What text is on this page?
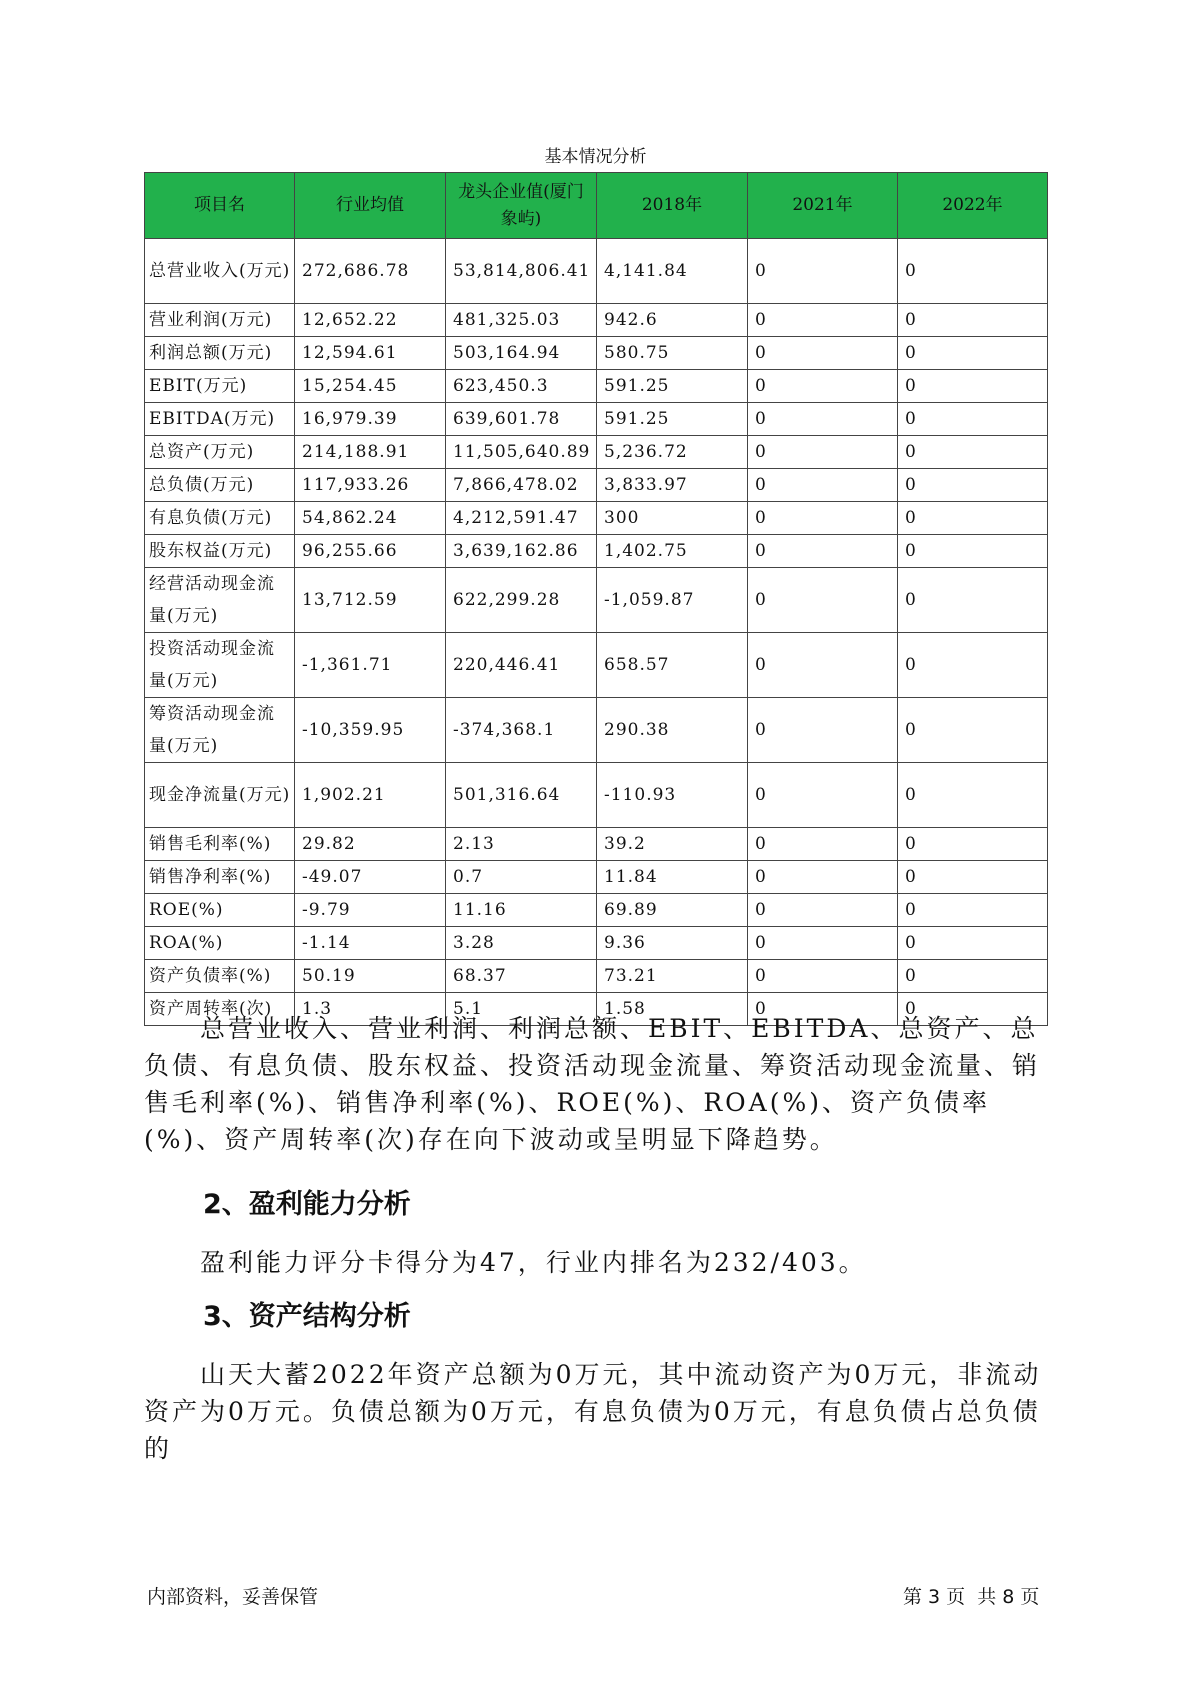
基本情况分析
项目名	行业均值	龙头企业值(厦门象屿)	2018年	2021年	2022年
总营业收入(万元)	272,686.78	53,814,806.41	4,141.84	0	0
营业利润(万元)	12,652.22	481,325.03	942.6	0	0
利润总额(万元)	12,594.61	503,164.94	580.75	0	0
EBIT(万元)	15,254.45	623,450.3	591.25	0	0
EBITDA(万元)	16,979.39	639,601.78	591.25	0	0
总资产(万元)	214,188.91	11,505,640.89	5,236.72	0	0
总负债(万元)	117,933.26	7,866,478.02	3,833.97	0	0
有息负债(万元)	54,862.24	4,212,591.47	300	0	0
股东权益(万元)	96,255.66	3,639,162.86	1,402.75	0	0
经营活动现金流量(万元)	13,712.59	622,299.28	-1,059.87	0	0
投资活动现金流量(万元)	-1,361.71	220,446.41	658.57	0	0
筹资活动现金流量(万元)	-10,359.95	-374,368.1	290.38	0	0
现金净流量(万元)	1,902.21	501,316.64	-110.93	0	0
销售毛利率(%)	29.82	2.13	39.2	0	0
销售净利率(%)	-49.07	0.7	11.84	0	0
ROE(%)	-9.79	11.16	69.89	0	0
ROA(%)	-1.14	3.28	9.36	0	0
资产负债率(%)	50.19	68.37	73.21	0	0
资产周转率(次)	1.3	5.1	1.58	0	0
总营业收入、营业利润、利润总额、EBIT、EBITDA、总资产、总负债、有息负债、股东权益、投资活动现金流量、筹资活动现金流量、销售毛利率(%)、销售净利率(%)、ROE(%)、ROA(%)、资产负债率(%)、资产周转率(次)存在向下波动或呈明显下降趋势。
2、盈利能力分析
盈利能力评分卡得分为47，行业内排名为232/403。
3、资产结构分析
山天大蓄2022年资产总额为0万元，其中流动资产为0万元，非流动资产为0万元。负债总额为0万元，有息负债为0万元，有息负债占总负债的
内部资料，妥善保管	第 3 页  共 8 页
